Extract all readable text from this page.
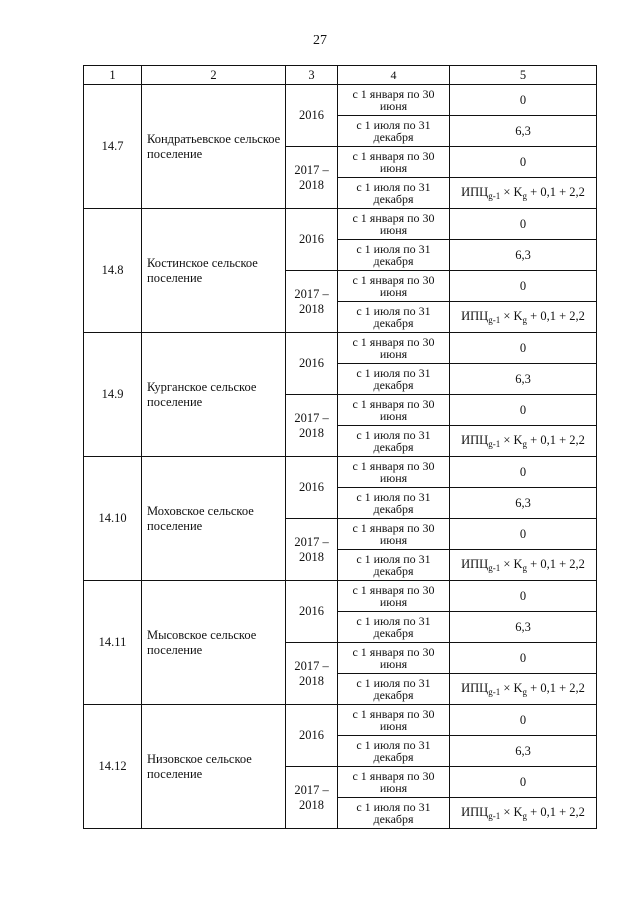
27
1	2	3	4	5
14.7	Кондратьевское сельское поселение	2016	с 1 января по 30 июня	0
			с 1 июля по 31 декабря	6,3
		2017 – 2018	с 1 января по 30 июня	0
			с 1 июля по 31 декабря	$ИПЦ_{g-1} \times K_g + 0,1 + 2,2$
14.8	Костинское сельское поселение	2016	с 1 января по 30 июня	0
			с 1 июля по 31 декабря	6,3
		2017 – 2018	с 1 января по 30 июня	0
			с 1 июля по 31 декабря	$ИПЦ_{g-1} \times K_g + 0,1 + 2,2$
14.9	Курганское сельское поселение	2016	с 1 января по 30 июня	0
			с 1 июля по 31 декабря	6,3
		2017 – 2018	с 1 января по 30 июня	0
			с 1 июля по 31 декабря	$ИПЦ_{g-1} \times K_g + 0,1 + 2,2$
14.10	Моховское сельское поселение	2016	с 1 января по 30 июня	0
			с 1 июля по 31 декабря	6,3
		2017 – 2018	с 1 января по 30 июня	0
			с 1 июля по 31 декабря	$ИПЦ_{g-1} \times K_g + 0,1 + 2,2$
14.11	Мысовское сельское поселение	2016	с 1 января по 30 июня	0
			с 1 июля по 31 декабря	6,3
		2017 – 2018	с 1 января по 30 июня	0
			с 1 июля по 31 декабря	$ИПЦ_{g-1} \times K_g + 0,1 + 2,2$
14.12	Низовское сельское поселение	2016	с 1 января по 30 июня	0
			с 1 июля по 31 декабря	6,3
		2017 – 2018	с 1 января по 30 июня	0
			с 1 июля по 31 декабря	$ИПЦ_{g-1} \times K_g + 0,1 + 2,2$
